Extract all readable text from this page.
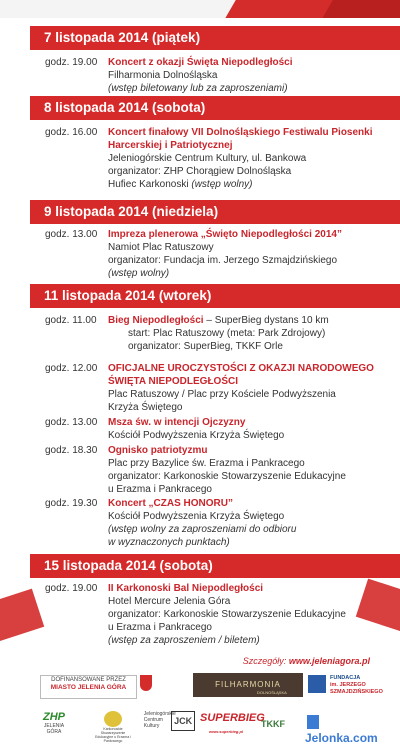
7 listopada 2014 (piątek)
godz. 19.00	Koncert z okazji Święta Niepodległości
Filharmonia Dolnośląska
(wstęp biletowany lub za zaproszeniami)
8 listopada 2014 (sobota)
godz. 16.00	Koncert finałowy VII Dolnośląskiego Festiwalu Piosenki Harcerskiej i Patriotycznej
Jeleniogórskie Centrum Kultury, ul. Bankowa
organizator: ZHP Chorągiew Dolnośląska
Hufiec Karkonoski (wstęp wolny)
9 listopada 2014 (niedziela)
godz. 13.00	Impreza plenerowa „Święto Niepodległości 2014”
Namiot Plac Ratuszowy
organizator: Fundacja im. Jerzego Szmajdzińskiego
(wstęp wolny)
11 listopada 2014 (wtorek)
godz. 11.00	Bieg Niepodległości – SuperBieg dystans 10 km
start: Plac Ratuszowy (meta: Park Zdrojowy)
organizator: SuperBieg, TKKF Orle
godz. 12.00	OFICJALNE UROCZYSTOŚCI Z OKAZJI NARODOWEGO ŚWIĘTA NIEPODLEGŁOŚCI
Plac Ratuszowy / Plac przy Kościele Podwyższenia
Krzyża Świętego
godz. 13.00	Msza św. w intencji Ojczyzny
Kościół Podwyższenia Krzyża Świętego
godz. 18.30	Ognisko patriotyzmu
Plac przy Bazylice św. Erazma i Pankracego
organizator: Karkonoskie Stowarzyszenie Edukacyjne
u Erazma i Pankracego
godz. 19.30	Koncert „CZAS HONORU”
Kościół Podwyższenia Krzyża Świętego
(wstęp wolny za zaproszeniami do odbioru
w wyznaczonych punktach)
15 listopada 2014 (sobota)
godz. 19.00	II Karkonoski Bal Niepodległości
Hotel Mercure Jelenia Góra
organizator: Karkonoskie Stowarzyszenie Edukacyjne
u Erazma i Pankracego
(wstęp za zaproszeniem / biletem)
Szczegóły: www.jeleniagora.pl
DOFINANSOWANE PRZEZ
MIASTO JELENIA GÓRA	FILHARMONIA
DOLNOŚLĄSKA
FUNDACJA
im. JERZEGO
SZMAJDZIŃSKIEGO
ZHP
JELENIA GÓRA	Karkonoskie Stowarzyszenie Edukacyjne u Erazma i Pankracego
Jeleniogórskie Centrum Kultury JCK SUPERBIEG
www.superbieg.pl
TKKF
Jelonka.com
